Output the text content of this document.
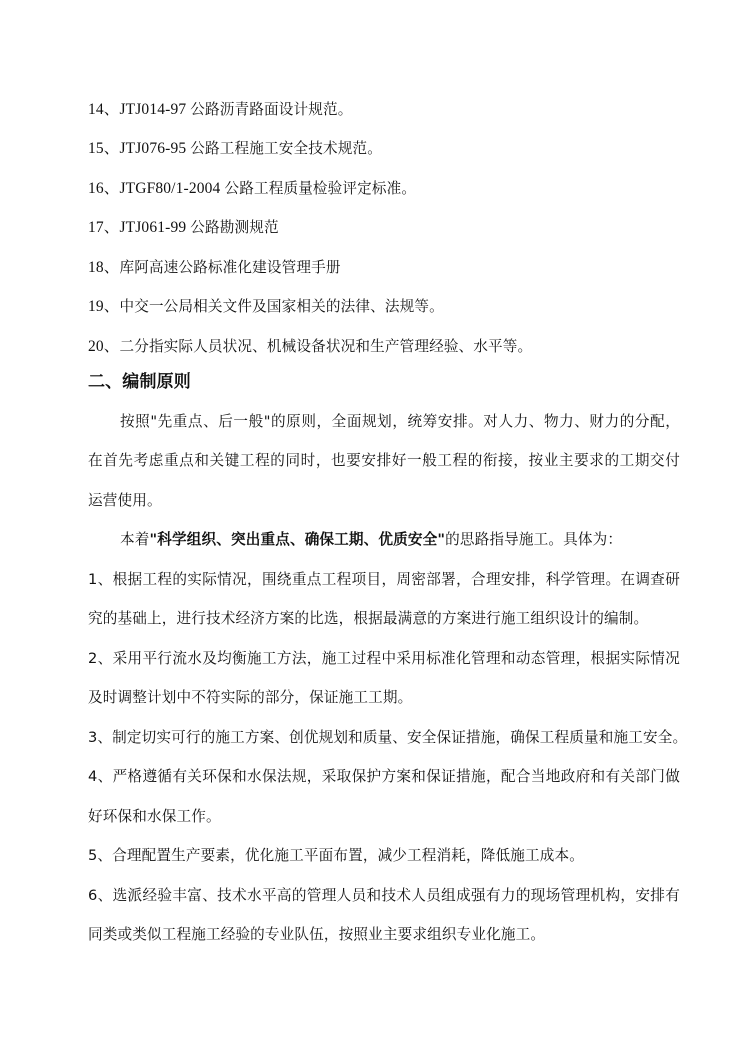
14、JTJ014-97 公路沥青路面设计规范。
15、JTJ076-95 公路工程施工安全技术规范。
16、JTGF80/1-2004 公路工程质量检验评定标准。
17、JTJ061-99 公路勘测规范
18、库阿高速公路标准化建设管理手册
19、中交一公局相关文件及国家相关的法律、法规等。
20、二分指实际人员状况、机械设备状况和生产管理经验、水平等。
二、编制原则
按照"先重点、后一般"的原则，全面规划，统筹安排。对人力、物力、财力的分配，
在首先考虑重点和关键工程的同时，也要安排好一般工程的衔接，按业主要求的工期交付
运营使用。
本着"科学组织、突出重点、确保工期、优质安全"的思路指导施工。具体为：
1、根据工程的实际情况，围绕重点工程项目，周密部署，合理安排，科学管理。在调查研
究的基础上，进行技术经济方案的比选，根据最满意的方案进行施工组织设计的编制。
2、采用平行流水及均衡施工方法，施工过程中采用标准化管理和动态管理，根据实际情况
及时调整计划中不符实际的部分，保证施工工期。
3、制定切实可行的施工方案、创优规划和质量、安全保证措施，确保工程质量和施工安全。
4、严格遵循有关环保和水保法规，采取保护方案和保证措施，配合当地政府和有关部门做
好环保和水保工作。
5、合理配置生产要素，优化施工平面布置，减少工程消耗，降低施工成本。
6、选派经验丰富、技术水平高的管理人员和技术人员组成强有力的现场管理机构，安排有
同类或类似工程施工经验的专业队伍，按照业主要求组织专业化施工。
